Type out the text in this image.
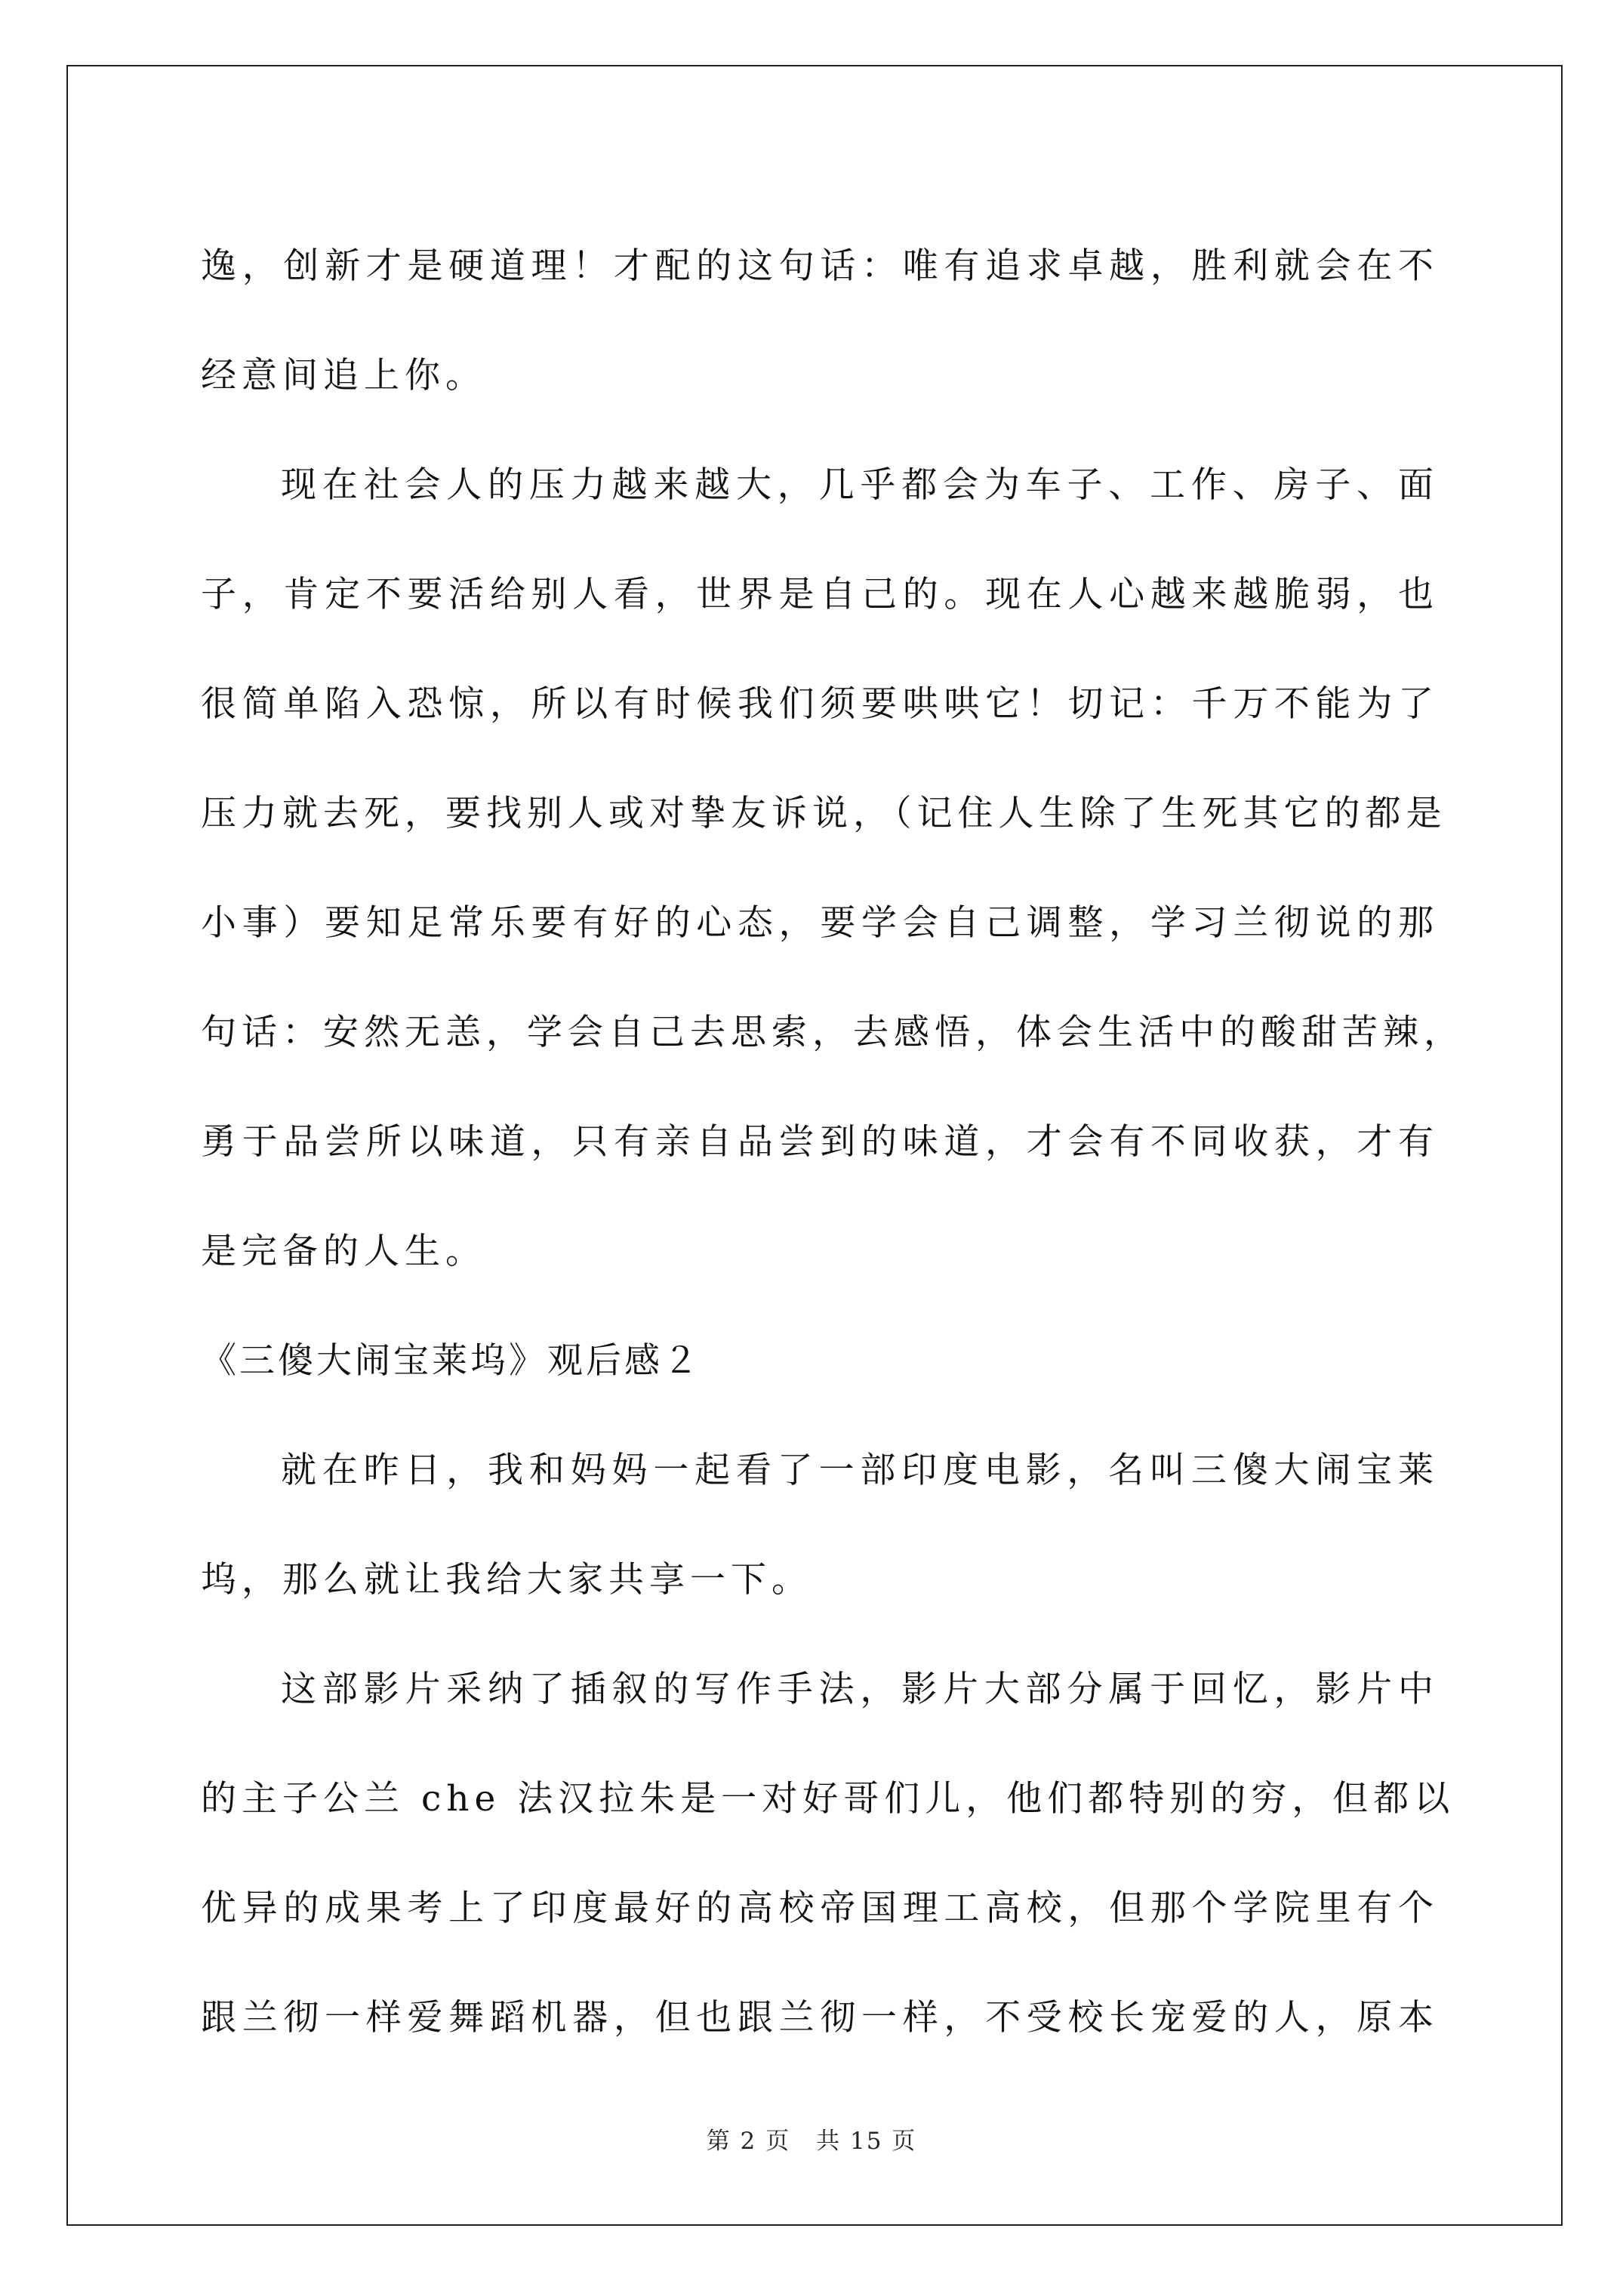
逸，创新才是硬道理！才配的这句话：唯有追求卓越，胜利就会在不
经意间追上你。
现在社会人的压力越来越大，几乎都会为车子、工作、房子、面
子，肯定不要活给别人看，世界是自己的。现在人心越来越脆弱，也
很简单陷入恐惊，所以有时候我们须要哄哄它！切记：千万不能为了
压力就去死，要找别人或对挚友诉说，（记住人生除了生死其它的都是
小事）要知足常乐要有好的心态，要学会自己调整，学习兰彻说的那
句话：安然无恙，学会自己去思索，去感悟，体会生活中的酸甜苦辣，
勇于品尝所以味道，只有亲自品尝到的味道，才会有不同收获，才有
是完备的人生。
《三傻大闹宝莱坞》观后感２
就在昨日，我和妈妈一起看了一部印度电影，名叫三傻大闹宝莱
坞，那么就让我给大家共享一下。
这部影片采纳了插叙的写作手法，影片大部分属于回忆，影片中
的主子公兰 che 法汉拉朱是一对好哥们儿，他们都特别的穷，但都以
优异的成果考上了印度最好的高校帝国理工高校，但那个学院里有个
跟兰彻一样爱舞蹈机器，但也跟兰彻一样，不受校长宠爱的人，原本
第 2 页 共 15 页
